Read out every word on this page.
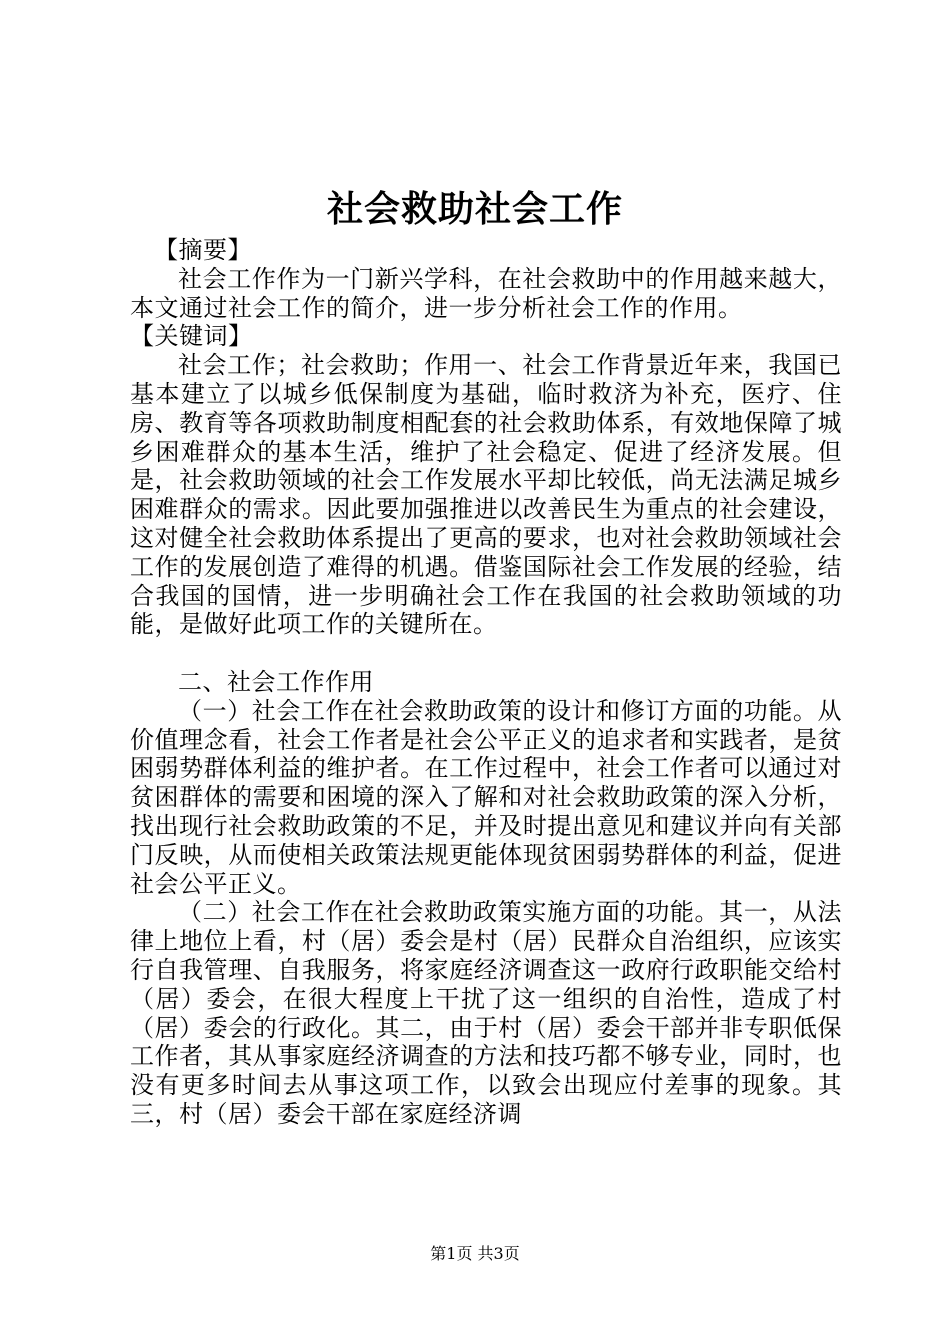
社会救助社会工作

【摘要】

社会工作作为一门新兴学科，在社会救助中的作用越来越大，本文通过社会工作的简介，进一步分析社会工作的作用。

【关键词】

社会工作；社会救助；作用一、社会工作背景近年来，我国已基本建立了以城乡低保制度为基础，临时救济为补充，医疗、住房、教育等各项救助制度相配套的社会救助体系，有效地保障了城乡困难群众的基本生活，维护了社会稳定、促进了经济发展。但是，社会救助领域的社会工作发展水平却比较低，尚无法满足城乡困难群众的需求。因此要加强推进以改善民生为重点的社会建设，这对健全社会救助体系提出了更高的要求，也对社会救助领域社会工作的发展创造了难得的机遇。借鉴国际社会工作发展的经验，结合我国的国情，进一步明确社会工作在我国的社会救助领域的功能，是做好此项工作的关键所在。

二、社会工作作用

（一）社会工作在社会救助政策的设计和修订方面的功能。从价值理念看，社会工作者是社会公平正义的追求者和实践者，是贫困弱势群体利益的维护者。在工作过程中，社会工作者可以通过对贫困群体的需要和困境的深入了解和对社会救助政策的深入分析，找出现行社会救助政策的不足，并及时提出意见和建议并向有关部门反映，从而使相关政策法规更能体现贫困弱势群体的利益，促进社会公平正义。

（二）社会工作在社会救助政策实施方面的功能。其一，从法律上地位上看，村（居）委会是村（居）民群众自治组织，应该实行自我管理、自我服务，将家庭经济调查这一政府行政职能交给村（居）委会，在很大程度上干扰了这一组织的自治性，造成了村（居）委会的行政化。其二，由于村（居）委会干部并非专职低保工作者，其从事家庭经济调查的方法和技巧都不够专业，同时，也没有更多时间去从事这项工作，以致会出现应付差事的现象。其三，村（居）委会干部在家庭经济调

第1页 共3页
